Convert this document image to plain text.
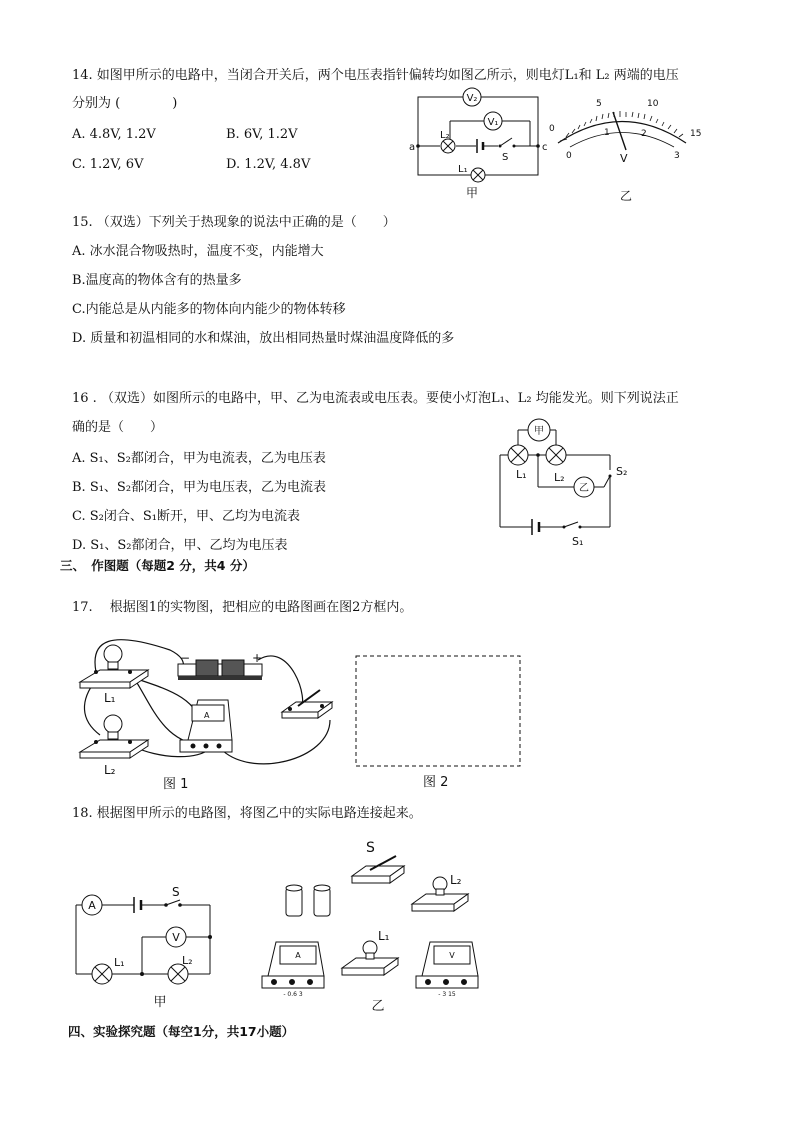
14. 如图甲所示的电路中，当闭合开关后，两个电压表指针偏转均如图乙所示，则电灯L₁和 L₂ 两端的电压
分别为 (　　　　)
A. 4.8V, 1.2V	B. 6V, 1.2V
C. 1.2V, 6V	D. 1.2V, 4.8V
V₂
V₁
L₂
S
L₁
a	c
甲
5	10
15
0
0
1	2
3
V
乙
15. （双选）下列关于热现象的说法中正确的是（　　）
A. 冰水混合物吸热时，温度不变，内能增大
B.温度高的物体含有的热量多
C.内能总是从内能多的物体向内能少的物体转移
D. 质量和初温相同的水和煤油，放出相同热量时煤油温度降低的多
16 . （双选）如图所示的电路中，甲、乙为电流表或电压表。要使小灯泡L₁、L₂ 均能发光。则下列说法正
确的是（　　）
A. S₁、S₂都闭合，甲为电流表，乙为电压表
B. S₁、S₂都闭合，甲为电压表，乙为电流表
C. S₂闭合、S₁断开，甲、乙均为电流表
D. S₁、S₂都闭合，甲、乙均为电压表
甲
L₁ L₂
乙
S₂
S₁
三、　作图题（每题2 分，共4 分）
17.　 根据图1的实物图，把相应的电路图画在图2方框内。
L₁
L₂
−	+
A
图 1	图 2
18. 根据图甲所示的电路图，将图乙中的实际电路连接起来。
A
S
V
L₁	L₂
甲
S
L₂
A
- 0.6 3
L₁
V
- 3 15
乙
四、实验探究题（每空1分，共17小题）
